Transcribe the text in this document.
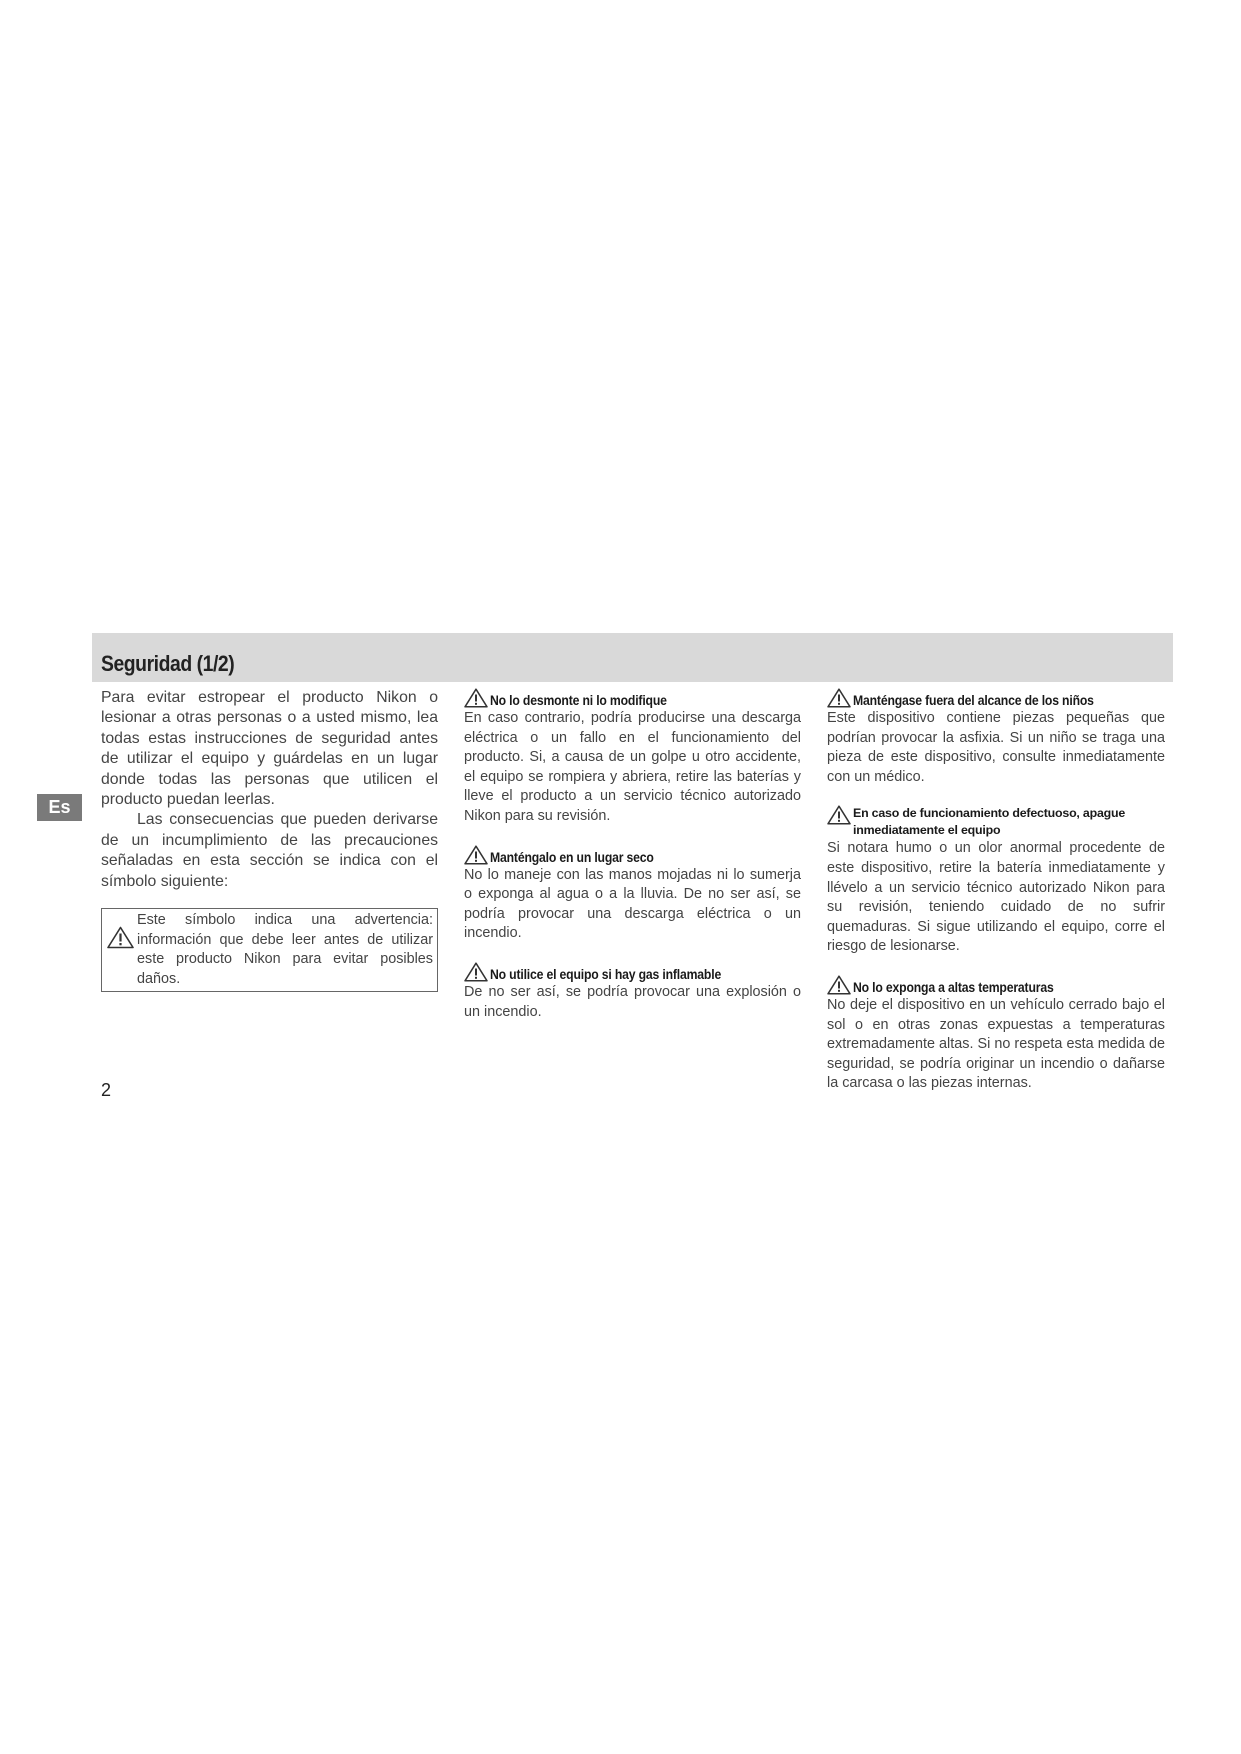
Seguridad (1/2)
Es

Para evitar estropear el producto Nikon o lesionar a otras personas o a usted mismo, lea todas estas instrucciones de seguridad antes de utilizar el equipo y guárdelas en un lugar donde todas las personas que utilicen el producto puedan leerlas.

Las consecuencias que pueden derivarse de un incumplimiento de las precauciones señaladas en esta sección se indica con el símbolo siguiente:

Este símbolo indica una advertencia: información que debe leer antes de utilizar este producto Nikon para evitar posibles daños.
No lo desmonte ni lo modifique

En caso contrario, podría producirse una descarga eléctrica o un fallo en el funcionamiento del producto. Si, a causa de un golpe u otro accidente, el equipo se rompiera y abriera, retire las baterías y lleve el producto a un servicio técnico autorizado Nikon para su revisión.

Manténgalo en un lugar seco

No lo maneje con las manos mojadas ni lo sumerja o exponga al agua o a la lluvia. De no ser así, se podría provocar una descarga eléctrica o un incendio.

No utilice el equipo si hay gas inflamable

De no ser así, se podría provocar una explosión o un incendio.

Manténgase fuera del alcance de los niños

Este dispositivo contiene piezas pequeñas que podrían provocar la asfixia. Si un niño se traga una pieza de este dispositivo, consulte inmediatamente con un médico.

En caso de funcionamiento defectuoso, apague inmediatamente el equipo

Si notara humo o un olor anormal procedente de este dispositivo, retire la batería inmediatamente y llévelo a un servicio técnico autorizado Nikon para su revisión, teniendo cuidado de no sufrir quemaduras. Si sigue utilizando el equipo, corre el riesgo de lesionarse.

No lo exponga a altas temperaturas

No deje el dispositivo en un vehículo cerrado bajo el sol o en otras zonas expuestas a temperaturas extremadamente altas. Si no respeta esta medida de seguridad, se podría originar un incendio o dañarse la carcasa o las piezas internas.

2
